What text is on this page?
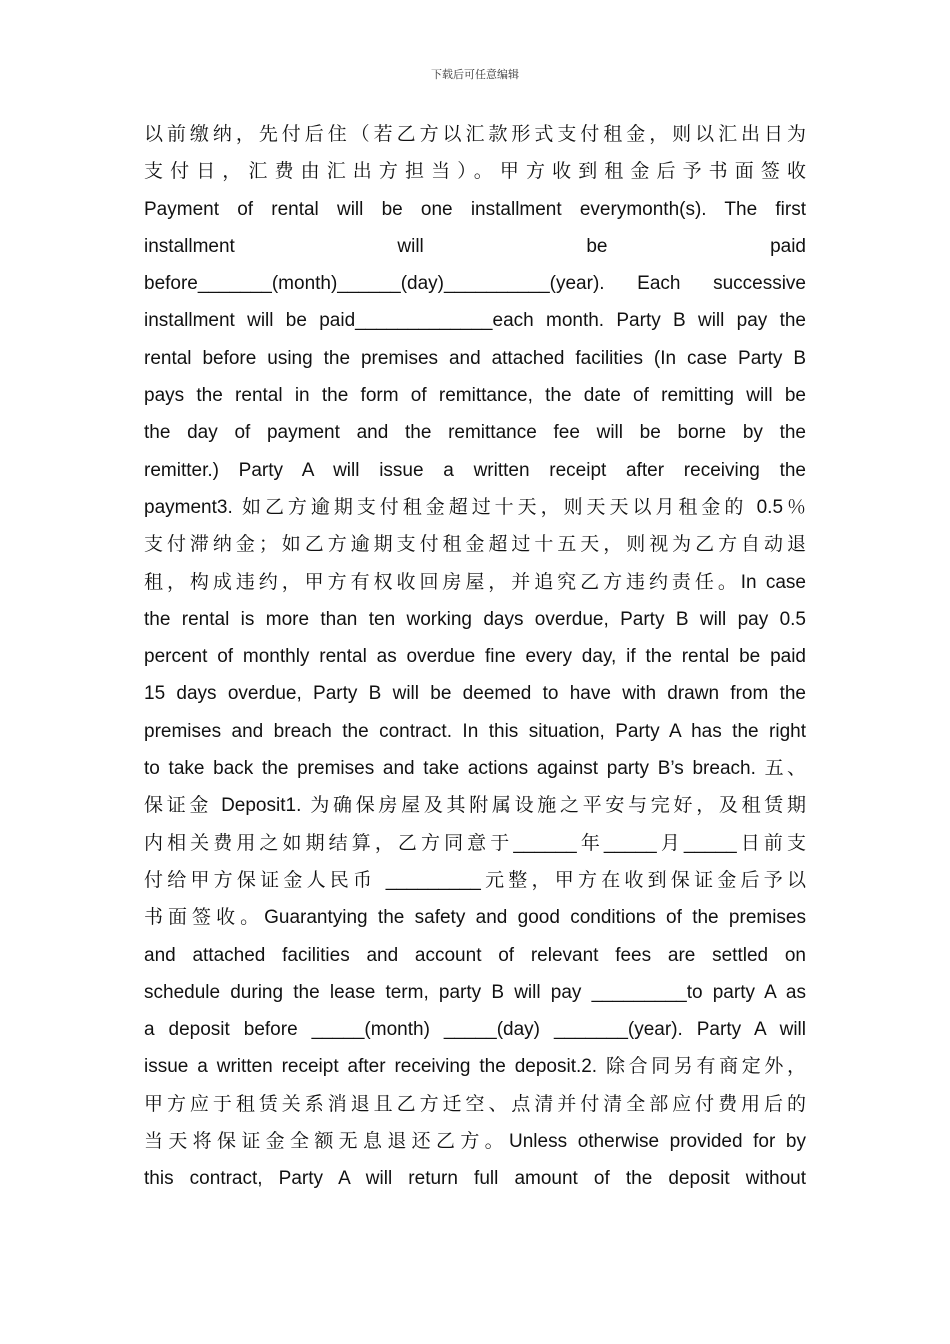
下载后可任意编辑
以前缴纳，先付后住（若乙方以汇款形式支付租金，则以汇出日为
支付日，汇费由汇出方担当）。甲方收到租金后予书面签收
Payment of rental will be one installment everymonth(s). The first
installment will be paid
before_______(month)______(day)__________(year). Each successive
installment will be paid_____________each month. Party B will pay the
rental before using the premises and attached facilities (In case Party B
pays the rental in the form of remittance, the date of remitting will be
the day of payment and the remittance fee will be borne by the
remitter.) Party A will issue a written receipt after receiving the
payment3. 如乙方逾期支付租金超过十天，则天天以月租金的 0.5％
支付滞纳金；如乙方逾期支付租金超过十五天，则视为乙方自动退
租，构成违约，甲方有权收回房屋，并追究乙方违约责任。In case
the rental is more than ten working days overdue, Party B will pay 0.5
percent of monthly rental as overdue fine every day, if the rental be paid
15 days overdue, Party B will be deemed to have with drawn from the
premises and breach the contract. In this situation, Party A has the right
to take back the premises and take actions against party B’s breach. 五、
保证金 Deposit1. 为确保房屋及其附属设施之平安与完好，及租赁期
内相关费用之如期结算，乙方同意于______年_____月_____日前支
付给甲方保证金人民币 _________元整，甲方在收到保证金后予以
书面签收。Guarantying the safety and good conditions of the premises
and attached facilities and account of relevant fees are settled on
schedule during the lease term, party B will pay _________to party A as
a deposit before _____(month) _____(day) _______(year). Party A will
issue a written receipt after receiving the deposit.2. 除合同另有商定外，
甲方应于租赁关系消退且乙方迁空、点清并付清全部应付费用后的
当天将保证金全额无息退还乙方。Unless otherwise provided for by
this contract, Party A will return full amount of the deposit without
